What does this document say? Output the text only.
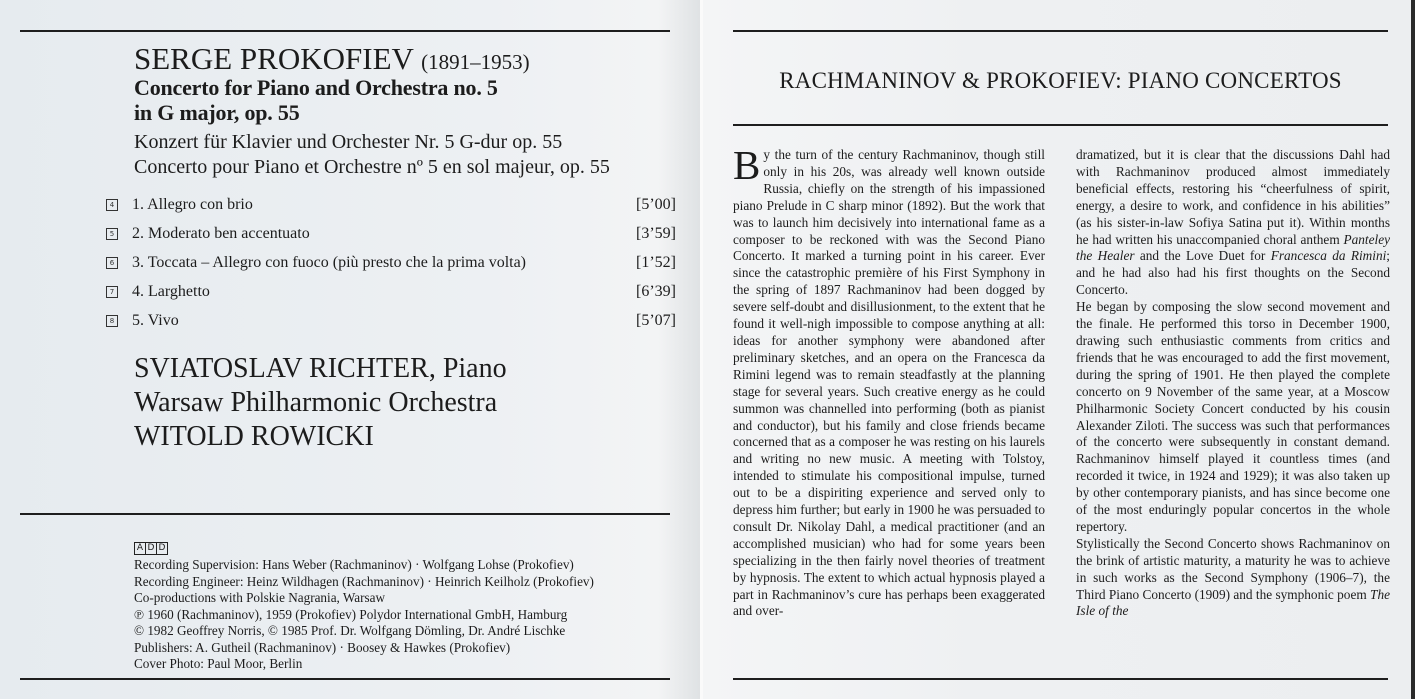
SERGE PROKOFIEV (1891–1953)
Concerto for Piano and Orchestra no. 5
in G major, op. 55
Konzert für Klavier und Orchester Nr. 5 G-dur op. 55
Concerto pour Piano et Orchestre nº 5 en sol majeur, op. 55
4 1. Allegro con brio	[5’00]
5 2. Moderato ben accentuato	[3’59]
6 3. Toccata – Allegro con fuoco (più presto che la prima volta)	[1’52]
7 4. Larghetto	[6’39]
8 5. Vivo	[5’07]
SVIATOSLAV RICHTER, Piano
Warsaw Philharmonic Orchestra
WITOLD ROWICKI
A D D
Recording Supervision: Hans Weber (Rachmaninov) · Wolfgang Lohse (Prokofiev)
Recording Engineer: Heinz Wildhagen (Rachmaninov) · Heinrich Keilholz (Prokofiev)
Co-productions with Polskie Nagrania, Warsaw
℗ 1960 (Rachmaninov), 1959 (Prokofiev) Polydor International GmbH, Hamburg
© 1982 Geoffrey Norris, © 1985 Prof. Dr. Wolfgang Dömling, Dr. André Lischke
Publishers: A. Gutheil (Rachmaninov) · Boosey & Hawkes (Prokofiev)
Cover Photo: Paul Moor, Berlin
RACHMANINOV & PROKOFIEV: PIANO CONCERTOS

By the turn of the century Rachmaninov, though still only in his 20s, was already well known outside Russia, chiefly on the strength of his impassioned piano Prelude in C sharp minor (1892). But the work that was to launch him decisively into international fame as a composer to be reckoned with was the Second Piano Concerto. It marked a turning point in his career. Ever since the catastrophic première of his First Symphony in the spring of 1897 Rachmaninov had been dogged by severe self-doubt and disillusionment, to the extent that he found it well-nigh impossible to compose anything at all: ideas for another symphony were abandoned after preliminary sketches, and an opera on the Francesca da Rimini legend was to remain steadfastly at the planning stage for several years. Such creative energy as he could summon was channelled into performing (both as pianist and conductor), but his family and close friends became concerned that as a composer he was resting on his laurels and writing no new music. A meeting with Tolstoy, intended to stimulate his compositional impulse, turned out to be a dispiriting experience and served only to depress him further; but early in 1900 he was persuaded to consult Dr. Nikolay Dahl, a medical practitioner (and an accomplished musician) who had for some years been specializing in the then fairly novel theories of treatment by hypnosis. The extent to which actual hypnosis played a part in Rachmaninov’s cure has perhaps been exaggerated and over-

dramatized, but it is clear that the discussions Dahl had with Rachmaninov produced almost immediately beneficial effects, restoring his “cheerfulness of spirit, energy, a desire to work, and confidence in his abilities” (as his sister-in-law Sofiya Satina put it). Within months he had written his unaccompanied choral anthem Panteley the Healer and the Love Duet for Francesca da Rimini; and he had also had his first thoughts on the Second Concerto.

He began by composing the slow second movement and the finale. He performed this torso in December 1900, drawing such enthusiastic comments from critics and friends that he was encouraged to add the first movement, during the spring of 1901. He then played the complete concerto on 9 November of the same year, at a Moscow Philharmonic Society Concert conducted by his cousin Alexander Ziloti. The success was such that performances of the concerto were subsequently in constant demand. Rachmaninov himself played it countless times (and recorded it twice, in 1924 and 1929); it was also taken up by other contemporary pianists, and has since become one of the most enduringly popular concertos in the whole repertory.

Stylistically the Second Concerto shows Rachmaninov on the brink of artistic maturity, a maturity he was to achieve in such works as the Second Symphony (1906–7), the Third Piano Concerto (1909) and the symphonic poem The Isle of the
